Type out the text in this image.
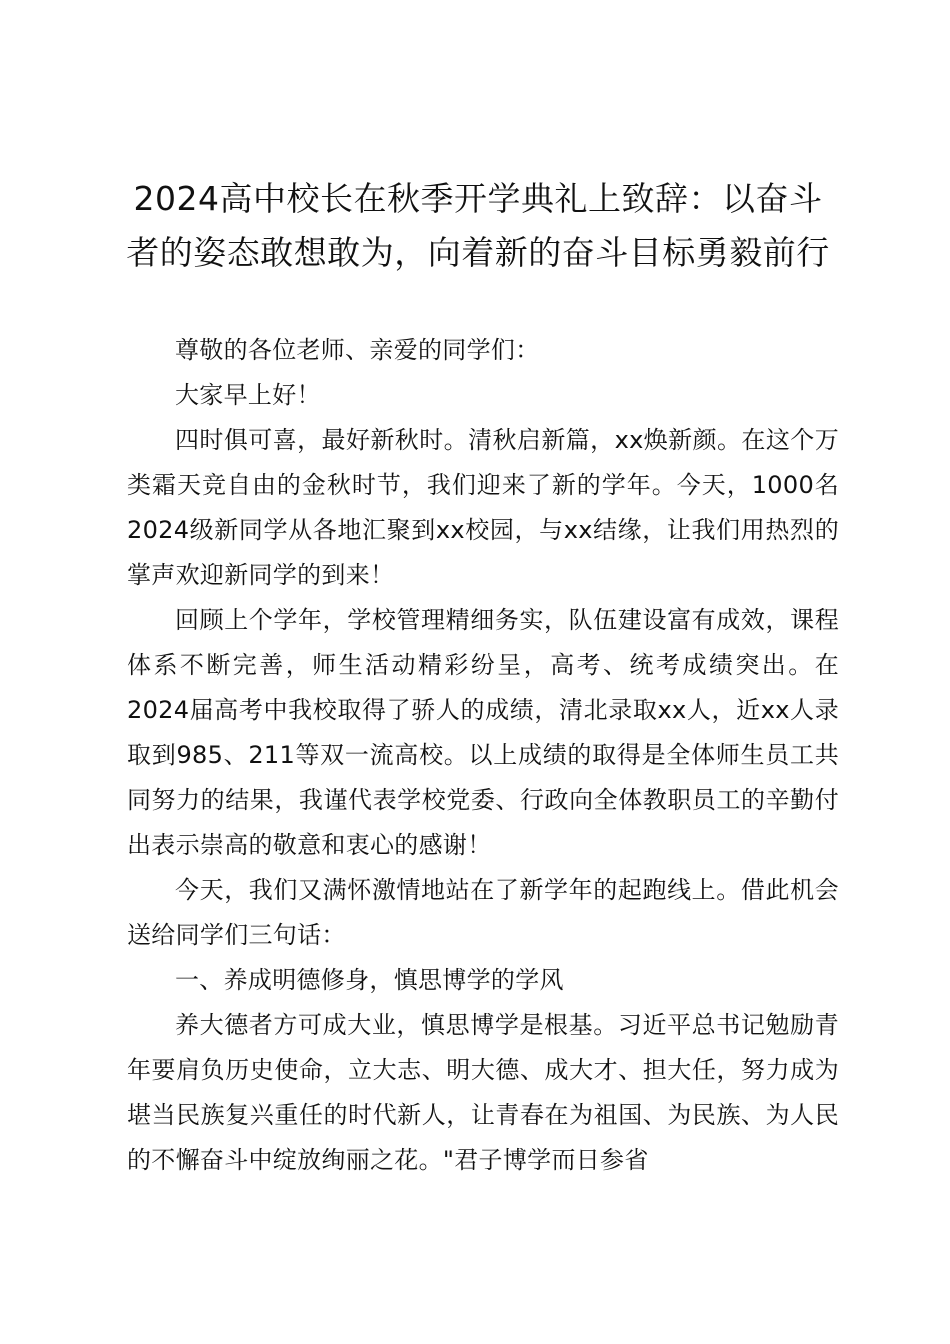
2024高中校长在秋季开学典礼上致辞：以奋斗者的姿态敢想敢为，向着新的奋斗目标勇毅前行

尊敬的各位老师、亲爱的同学们：

大家早上好！

四时俱可喜，最好新秋时。清秋启新篇，xx焕新颜。在这个万类霜天竞自由的金秋时节，我们迎来了新的学年。今天，1000名2024级新同学从各地汇聚到xx校园，与xx结缘，让我们用热烈的掌声欢迎新同学的到来！

回顾上个学年，学校管理精细务实，队伍建设富有成效，课程体系不断完善，师生活动精彩纷呈，高考、统考成绩突出。在2024届高考中我校取得了骄人的成绩，清北录取xx人，近xx人录取到985、211等双一流高校。以上成绩的取得是全体师生员工共同努力的结果，我谨代表学校党委、行政向全体教职员工的辛勤付出表示崇高的敬意和衷心的感谢！

今天，我们又满怀激情地站在了新学年的起跑线上。借此机会送给同学们三句话：

一、养成明德修身，慎思博学的学风

养大德者方可成大业，慎思博学是根基。习近平总书记勉励青年要肩负历史使命，立大志、明大德、成大才、担大任，努力成为堪当民族复兴重任的时代新人，让青春在为祖国、为民族、为人民的不懈奋斗中绽放绚丽之花。"君子博学而日参省
